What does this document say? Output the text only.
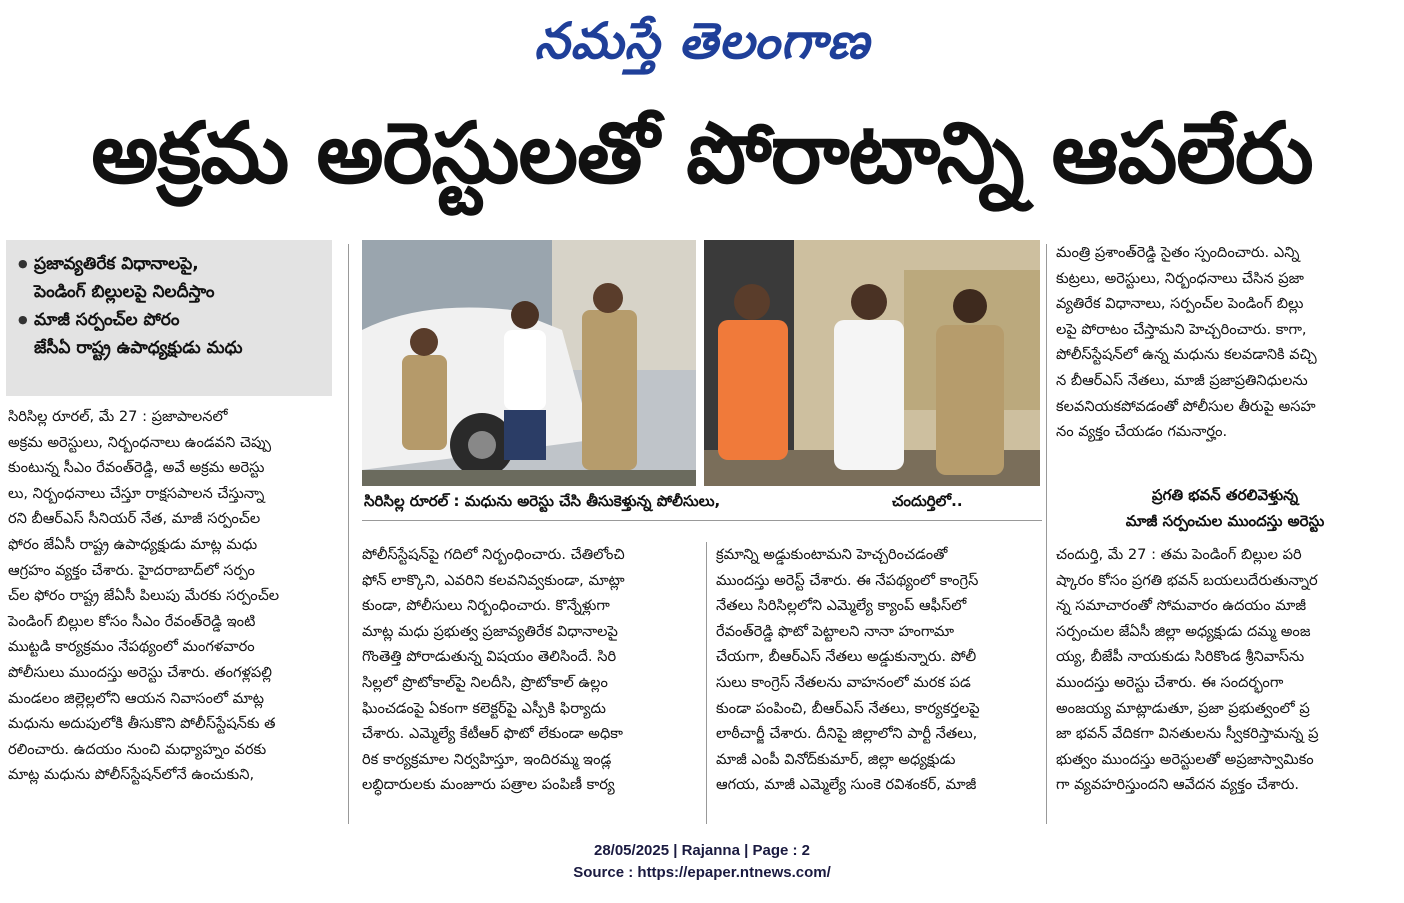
నమస్తే తెలంగాణ
అక్రమ అరెస్టులతో పోరాటాన్ని ఆపలేరు
● ప్రజావ్యతిరేక విధానాలపై,
పెండింగ్ బిల్లులపై నిలదీస్తాం
● మాజీ సర్పంచ్‌ల పోరం
జేసీఏ రాష్ట్ర ఉపాధ్యక్షుడు మధు
సిరిసిల్ల రూరల్ : మధును అరెస్టు చేసి తీసుకెళ్తున్న పోలీసులు,	చందుర్తిలో..

సిరిసిల్ల రూరల్, మే 27 : ప్రజాపాలనలో

అక్రమ అరెస్టులు, నిర్బంధనాలు ఉండవని చెప్పు

కుంటున్న సీఎం రేవంత్‌రెడ్డి, అవే అక్రమ అరెస్టు

లు, నిర్బంధనాలు చేస్తూ రాక్షసపాలన చేస్తున్నా

రని బీఆర్ఎస్ సీనియర్ నేత, మాజీ సర్పంచ్‌ల

ఫోరం జేఏసీ రాష్ట్ర ఉపాధ్యక్షుడు మాట్ల మధు

ఆగ్రహం వ్యక్తం చేశారు. హైదరాబాద్‌లో సర్పం

చ్‌ల ఫోరం రాష్ట్ర జేఏసీ పిలుపు మేరకు సర్పంచ్‌ల

పెండింగ్ బిల్లుల కోసం సీఎం రేవంత్‌రెడ్డి ఇంటి

ముట్టడి కార్యక్రమం నేపథ్యంలో మంగళవారం

పోలీసులు ముందస్తు అరెస్టు చేశారు. తంగళ్లపల్లి

మండలం జిల్లెల్లలోని ఆయన నివాసంలో మాట్ల

మధును అదుపులోకి తీసుకొని పోలీస్‌స్టేషన్‌కు త

రలించారు. ఉదయం నుంచి మధ్యాహ్నం వరకు

మాట్ల మధును పోలీస్‌స్టేషన్‌లోనే ఉంచుకుని,

పోలీస్‌స్టేషన్‌పై గదిలో నిర్బంధించారు. చేతిలోంచి

ఫోన్ లాక్కొని, ఎవరిని కలవనివ్వకుండా, మాట్లా

కుండా, పోలీసులు నిర్బంధించారు. కొన్నేళ్లుగా

మాట్ల మధు ప్రభుత్వ ప్రజావ్యతిరేక విధానాలపై

గొంతెత్తి పోరాడుతున్న విషయం తెలిసిందే. సిరి

సిల్లలో ప్రొటోకాల్‌పై నిలదీసి, ప్రొటోకాల్ ఉల్లం

ఘించడంపై ఏకంగా కలెక్టర్‌పై ఎస్పీకి ఫిర్యాదు

చేశారు. ఎమ్మెల్యే కేటీఆర్ ఫొటో లేకుండా అధికా

రిక కార్యక్రమాల నిర్వహిస్తూ, ఇందిరమ్మ ఇండ్ల

లబ్ధిదారులకు మంజూరు పత్రాల పంపిణీ కార్య

క్రమాన్ని అడ్డుకుంటామని హెచ్చరించడంతో

ముందస్తు అరెస్ట్ చేశారు. ఈ నేపథ్యంలో కాంగ్రెస్

నేతలు సిరిసిల్లలోని ఎమ్మెల్యే క్యాంప్ ఆఫీస్‌లో

రేవంత్‌రెడ్డి ఫొటో పెట్టాలని నానా హంగామా

చేయగా, బీఆర్ఎస్ నేతలు అడ్డుకున్నారు. పోలీ

సులు కాంగ్రెస్ నేతలను వాహనంలో మరక పడ

కుండా పంపించి, బీఆర్ఎస్ నేతలు, కార్యకర్తలపై

లాఠీచార్జీ చేశారు. దీనిపై జిల్లాలోని పార్టీ నేతలు,

మాజీ ఎంపీ వినోద్‌కుమార్, జిల్లా అధ్యక్షుడు

ఆగయ, మాజీ ఎమ్మెల్యే సుంకె రవిశంకర్, మాజీ

మంత్రి ప్రశాంత్‌రెడ్డి సైతం స్పందించారు. ఎన్ని

కుట్రలు, అరెస్టులు, నిర్బంధనాలు చేసిన ప్రజా

వ్యతిరేక విధానాలు, సర్పంచ్‌ల పెండింగ్ బిల్లు

లపై పోరాటం చేస్తామని హెచ్చరించారు. కాగా,

పోలీస్‌స్టేషన్‌లో ఉన్న మధును కలవడానికి వచ్చి

న బీఆర్ఎస్ నేతలు, మాజీ ప్రజాప్రతినిధులను

కలవనియకపోవడంతో పోలీసుల తీరుపై అసహ

నం వ్యక్తం చేయడం గమనార్హం.

ప్రగతి భవన్ తరలివెళ్తున్న
మాజీ సర్పంచుల ముందస్తు అరెస్టు

చందుర్తి, మే 27 : తమ పెండింగ్ బిల్లుల పరి

ష్కారం కోసం ప్రగతి భవన్ బయలుదేరుతున్నార

న్న సమాచారంతో సోమవారం ఉదయం మాజీ

సర్పంచుల జేఏసీ జిల్లా అధ్యక్షుడు దమ్మ అంజ

య్య, బీజేపీ నాయకుడు సిరికొండ శ్రీనివాస్‌ను

ముందస్తు అరెస్టు చేశారు. ఈ సందర్భంగా

అంజయ్య మాట్లాడుతూ, ప్రజా ప్రభుత్వంలో ప్ర

జా భవన్ వేదికగా వినతులను స్వీకరిస్తామన్న ప్ర

భుత్వం ముందస్తు అరెస్టులతో అప్రజాస్వామికం

గా వ్యవహరిస్తుందని ఆవేదన వ్యక్తం చేశారు.

28/05/2025 | Rajanna | Page : 2
Source : https://epaper.ntnews.com/
